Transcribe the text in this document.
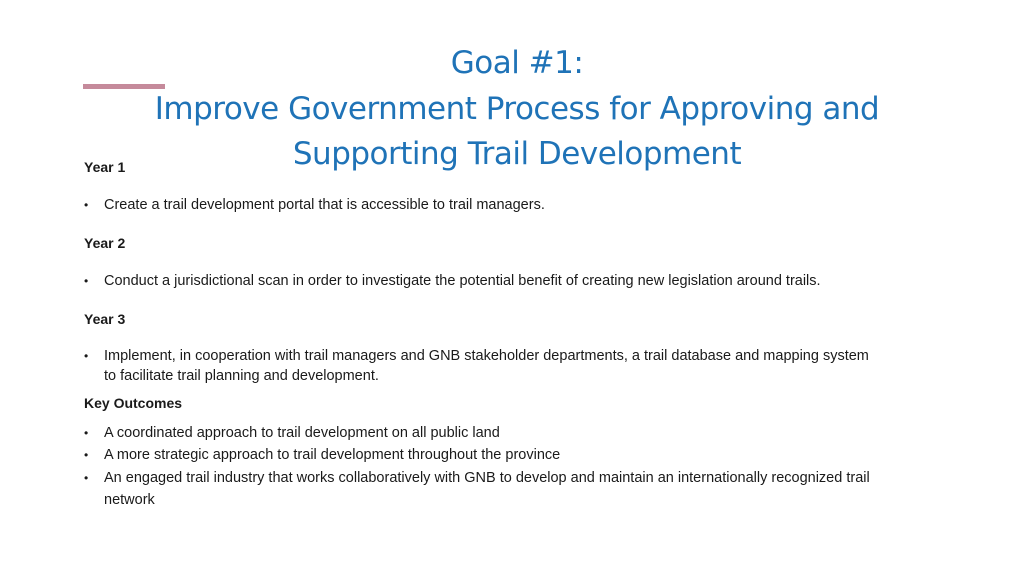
Goal #1:
Improve Government Process for Approving and
Supporting Trail Development
Year 1
•	Create a trail development portal that is accessible to trail managers.
Year 2
•	Conduct a jurisdictional scan in order to investigate the potential benefit of creating new legislation around trails.
Year 3
•	Implement, in cooperation with trail managers and GNB stakeholder departments, a trail database and mapping system to facilitate trail planning and development.
Key Outcomes
•	A coordinated approach to trail development on all public land
•	A more strategic approach to trail development throughout the province
•	An engaged trail industry that works collaboratively with GNB to develop and maintain an internationally recognized trail network
